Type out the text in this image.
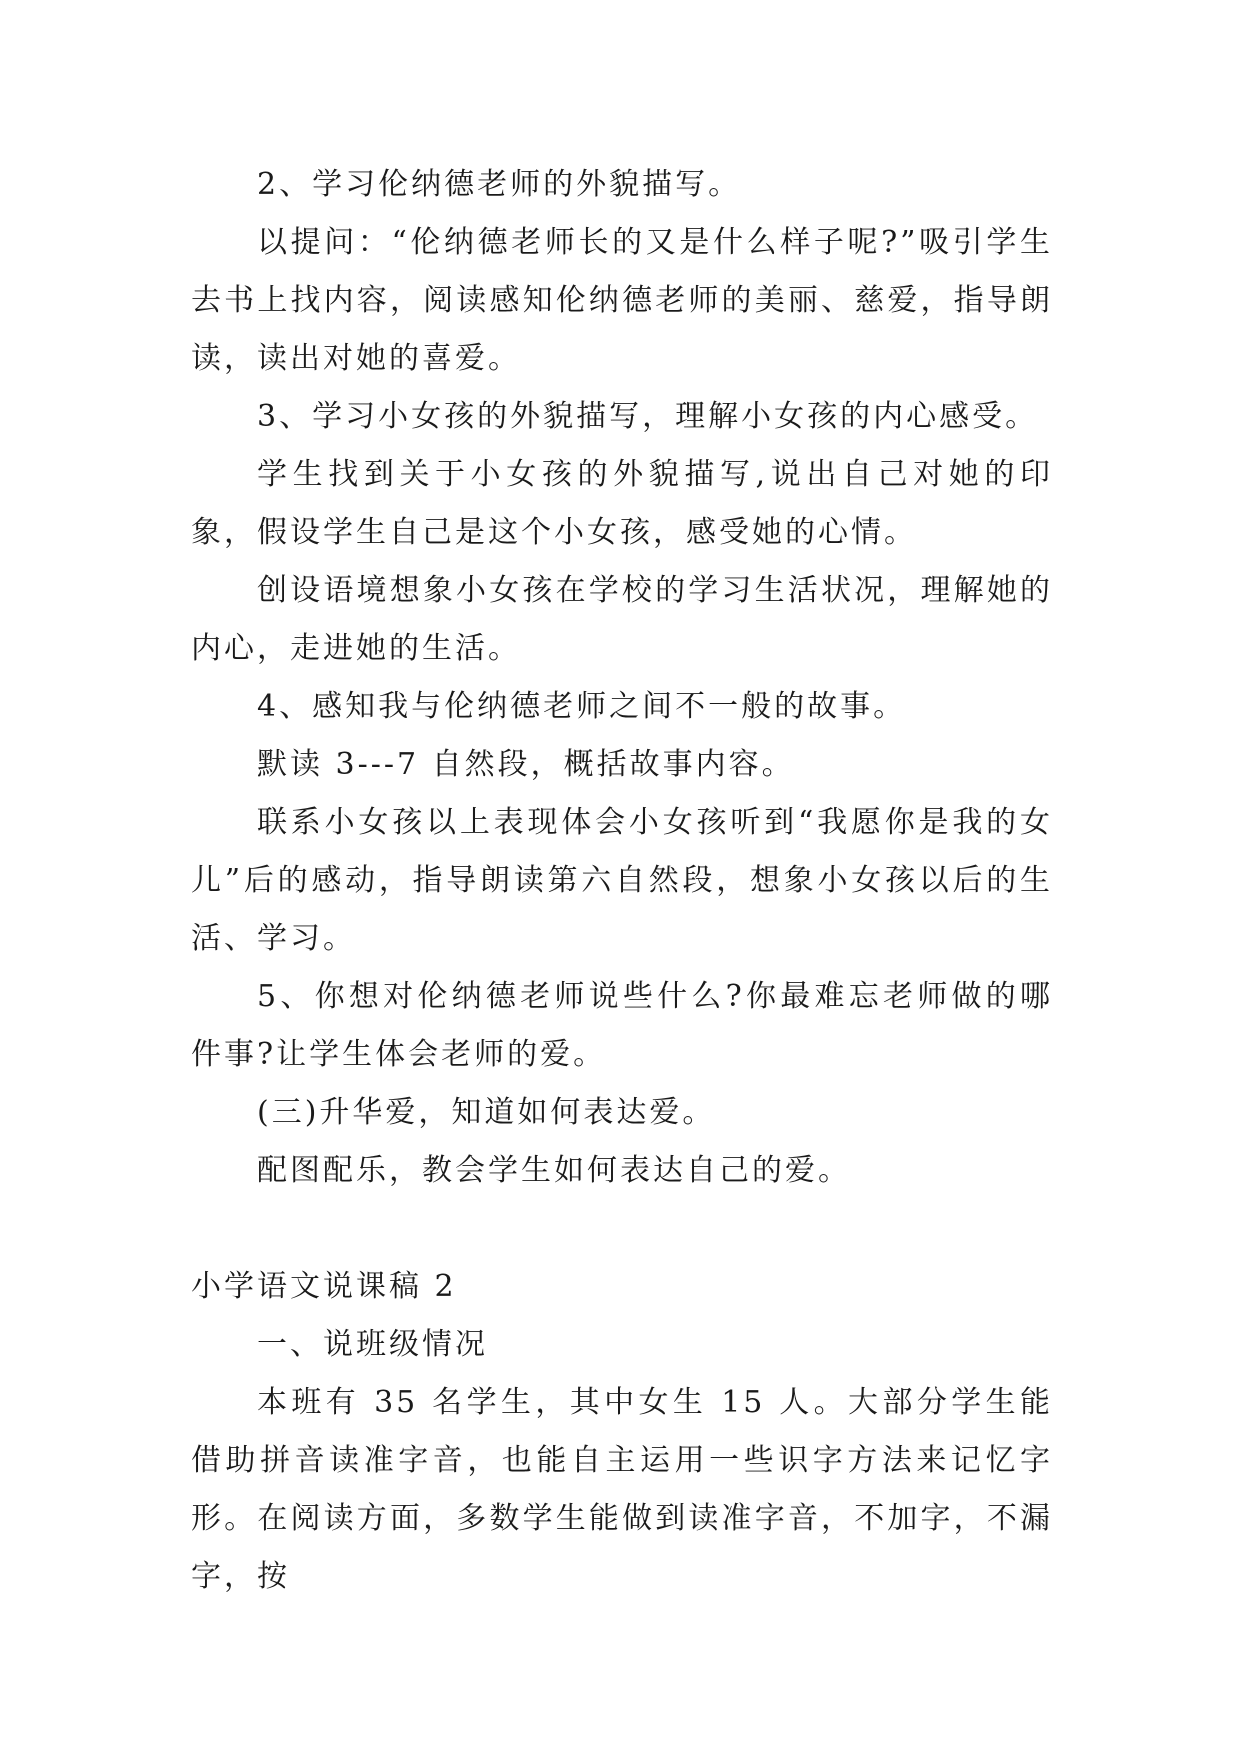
2、学习伦纳德老师的外貌描写。

以提问：“伦纳德老师长的又是什么样子呢?”吸引学生去书上找内容，阅读感知伦纳德老师的美丽、慈爱，指导朗读，读出对她的喜爱。

3、学习小女孩的外貌描写，理解小女孩的内心感受。

学生找到关于小女孩的外貌描写,说出自己对她的印象，假设学生自己是这个小女孩，感受她的心情。

创设语境想象小女孩在学校的学习生活状况，理解她的内心，走进她的生活。

4、感知我与伦纳德老师之间不一般的故事。

默读 3---7 自然段，概括故事内容。

联系小女孩以上表现体会小女孩听到“我愿你是我的女儿”后的感动，指导朗读第六自然段，想象小女孩以后的生活、学习。

5、你想对伦纳德老师说些什么?你最难忘老师做的哪件事?让学生体会老师的爱。

(三)升华爱，知道如何表达爱。

配图配乐，教会学生如何表达自己的爱。

小学语文说课稿 2

一、说班级情况

本班有 35 名学生，其中女生 15 人。大部分学生能借助拼音读准字音，也能自主运用一些识字方法来记忆字形。在阅读方面，多数学生能做到读准字音，不加字，不漏字，按
